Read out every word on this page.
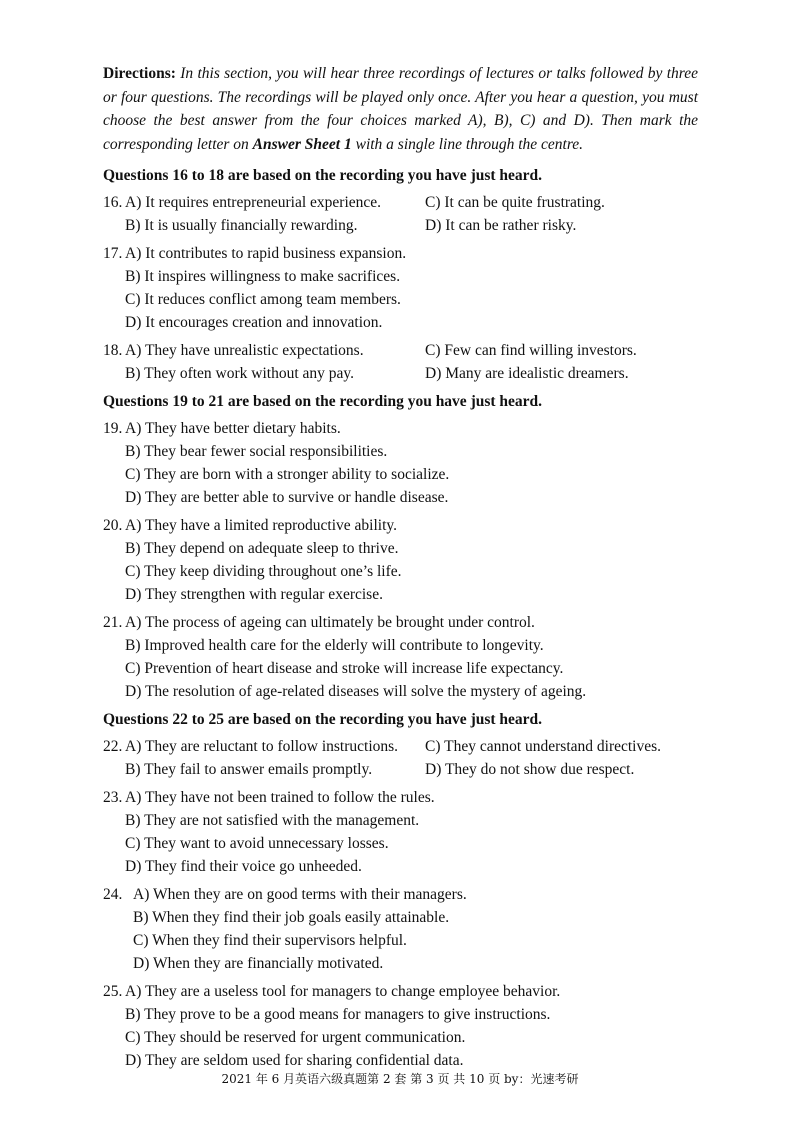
Directions: In this section, you will hear three recordings of lectures or talks followed by three or four questions. The recordings will be played only once. After you hear a question, you must choose the best answer from the four choices marked A), B), C) and D). Then mark the corresponding letter on Answer Sheet 1 with a single line through the centre.

Questions 16 to 18 are based on the recording you have just heard.
16. A) It requires entrepreneurial experience.	C) It can be quite frustrating.
B) It is usually financially rewarding.	D) It can be rather risky.
17. A) It contributes to rapid business expansion.
B) It inspires willingness to make sacrifices.
C) It reduces conflict among team members.
D) It encourages creation and innovation.
18. A) They have unrealistic expectations.	C) Few can find willing investors.
B) They often work without any pay.	D) Many are idealistic dreamers.
Questions 19 to 21 are based on the recording you have just heard.
19. A) They have better dietary habits.
B) They bear fewer social responsibilities.
C) They are born with a stronger ability to socialize.
D) They are better able to survive or handle disease.
20. A) They have a limited reproductive ability.
B) They depend on adequate sleep to thrive.
C) They keep dividing throughout one’s life.
D) They strengthen with regular exercise.
21. A) The process of ageing can ultimately be brought under control.
B) Improved health care for the elderly will contribute to longevity.
C) Prevention of heart disease and stroke will increase life expectancy.
D) The resolution of age-related diseases will solve the mystery of ageing.
Questions 22 to 25 are based on the recording you have just heard.
22. A) They are reluctant to follow instructions.	C) They cannot understand directives.
B) They fail to answer emails promptly.	D) They do not show due respect.
23. A) They have not been trained to follow the rules.
B) They are not satisfied with the management.
C) They want to avoid unnecessary losses.
D) They find their voice go unheeded.
24. A) When they are on good terms with their managers.
B) When they find their job goals easily attainable.
C) When they find their supervisors helpful.
D) When they are financially motivated.
25. A) They are a useless tool for managers to change employee behavior.
B) They prove to be a good means for managers to give instructions.
C) They should be reserved for urgent communication.
D) They are seldom used for sharing confidential data.
2021 年 6 月英语六级真题第 2 套 第 3 页 共 10 页 by：光速考研
